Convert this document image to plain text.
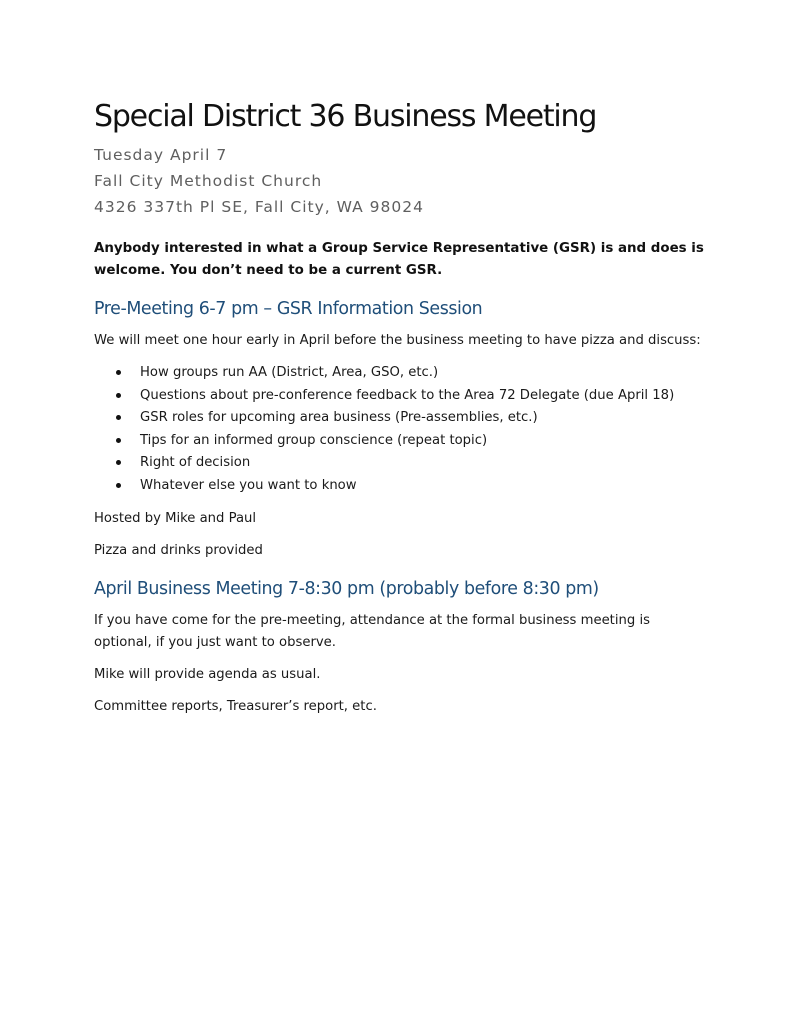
Special District 36 Business Meeting
Tuesday April 7
Fall City Methodist Church
4326 337th Pl SE, Fall City, WA 98024
Anybody interested in what a Group Service Representative (GSR) is and does is
welcome. You don’t need to be a current GSR.
Pre-Meeting 6-7 pm – GSR Information Session

We will meet one hour early in April before the business meeting to have pizza and discuss:

How groups run AA (District, Area, GSO, etc.)
Questions about pre-conference feedback to the Area 72 Delegate (due April 18)
GSR roles for upcoming area business (Pre-assemblies, etc.)
Tips for an informed group conscience (repeat topic)
Right of decision
Whatever else you want to know

Hosted by Mike and Paul

Pizza and drinks provided

April Business Meeting 7-8:30 pm (probably before 8:30 pm)
If you have come for the pre-meeting, attendance at the formal business meeting is
optional, if you just want to observe.

Mike will provide agenda as usual.

Committee reports, Treasurer’s report, etc.
